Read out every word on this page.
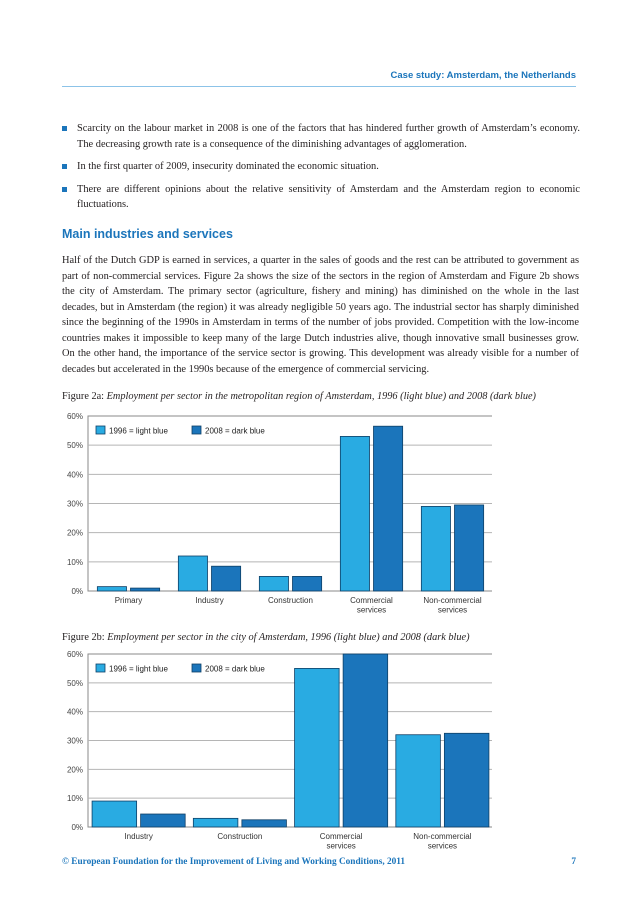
Case study: Amsterdam, the Netherlands
Scarcity on the labour market in 2008 is one of the factors that has hindered further growth of Amsterdam’s economy. The decreasing growth rate is a consequence of the diminishing advantages of agglomeration.
In the first quarter of 2009, insecurity dominated the economic situation.
There are different opinions about the relative sensitivity of Amsterdam and the Amsterdam region to economic fluctuations.
Main industries and services
Half of the Dutch GDP is earned in services, a quarter in the sales of goods and the rest can be attributed to government as part of non-commercial services. Figure 2a shows the size of the sectors in the region of Amsterdam and Figure 2b shows the city of Amsterdam. The primary sector (agriculture, fishery and mining) has diminished on the whole in the last decades, but in Amsterdam (the region) it was already negligible 50 years ago. The industrial sector has sharply diminished since the beginning of the 1990s in Amsterdam in terms of the number of jobs provided. Competition with the low-income countries makes it impossible to keep many of the large Dutch industries alive, though innovative small businesses grow. On the other hand, the importance of the service sector is growing. This development was already visible for a number of decades but accelerated in the 1990s because of the emergence of commercial servicing.
Figure 2a: Employment per sector in the metropolitan region of Amsterdam, 1996 (light blue) and 2008 (dark blue)
0%
10%
20%
30%
40%
50%
60%
Primary	Industry	Construction	Commercial
services
Non-commercial
services
1996 = light blue	2008 = dark blue
Figure 2b: Employment per sector in the city of Amsterdam, 1996 (light blue) and 2008 (dark blue)
0%
10%
20%
30%
40%
50%
60%
Industry	Construction	Commercial
services
Non-commercial
services
1996 = light blue	2008 = dark blue
© European Foundation for the Improvement of Living and Working Conditions, 2011	7
